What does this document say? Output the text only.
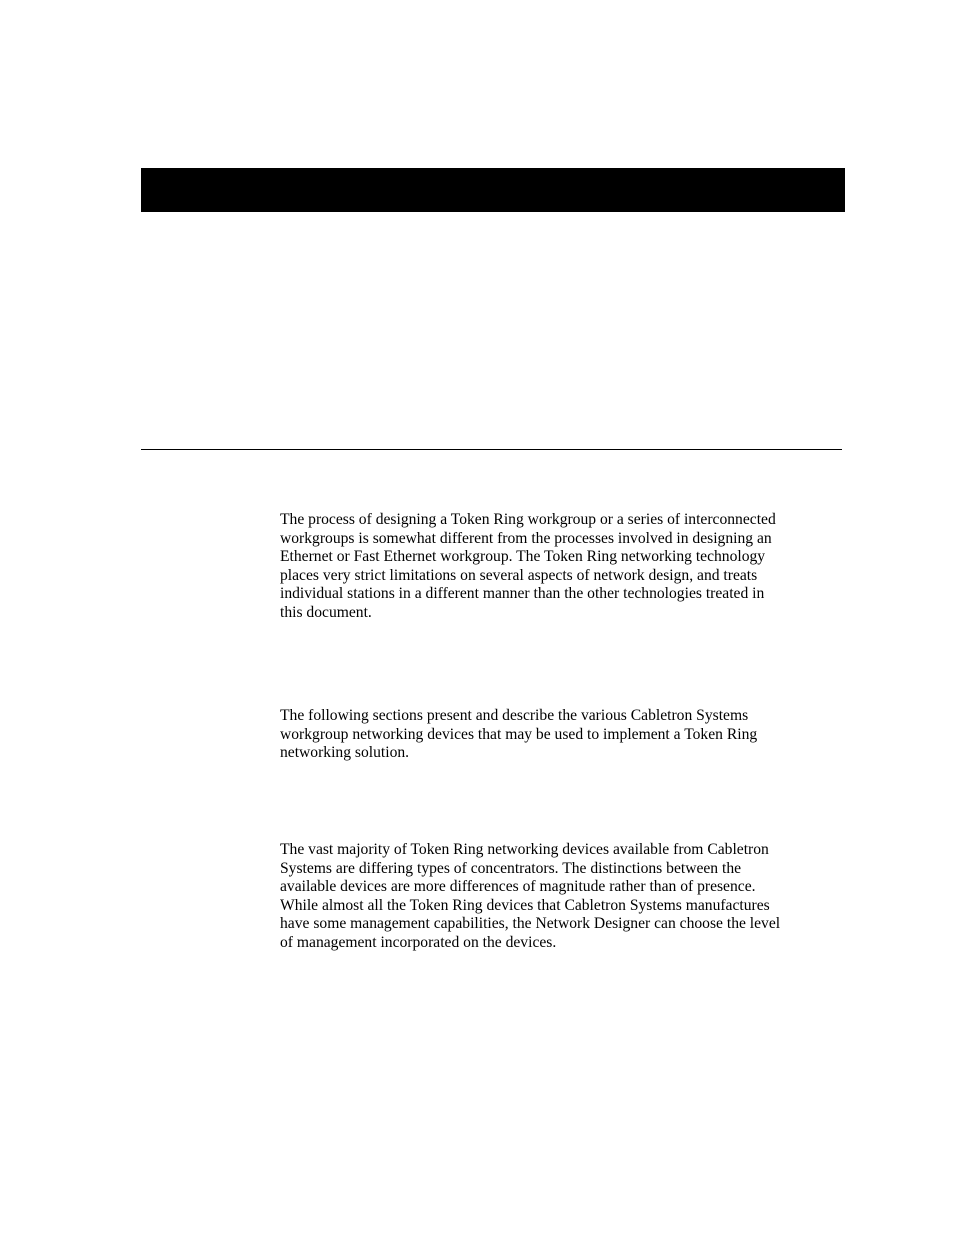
The process of designing a Token Ring workgroup or a series of interconnected
workgroups is somewhat different from the processes involved in designing an
Ethernet or Fast Ethernet workgroup. The Token Ring networking technology
places very strict limitations on several aspects of network design, and treats
individual stations in a different manner than the other technologies treated in
this document.

The following sections present and describe the various Cabletron Systems
workgroup networking devices that may be used to implement a Token Ring
networking solution.

The vast majority of Token Ring networking devices available from Cabletron
Systems are differing types of concentrators. The distinctions between the
available devices are more differences of magnitude rather than of presence.
While almost all the Token Ring devices that Cabletron Systems manufactures
have some management capabilities, the Network Designer can choose the level
of management incorporated on the devices.
